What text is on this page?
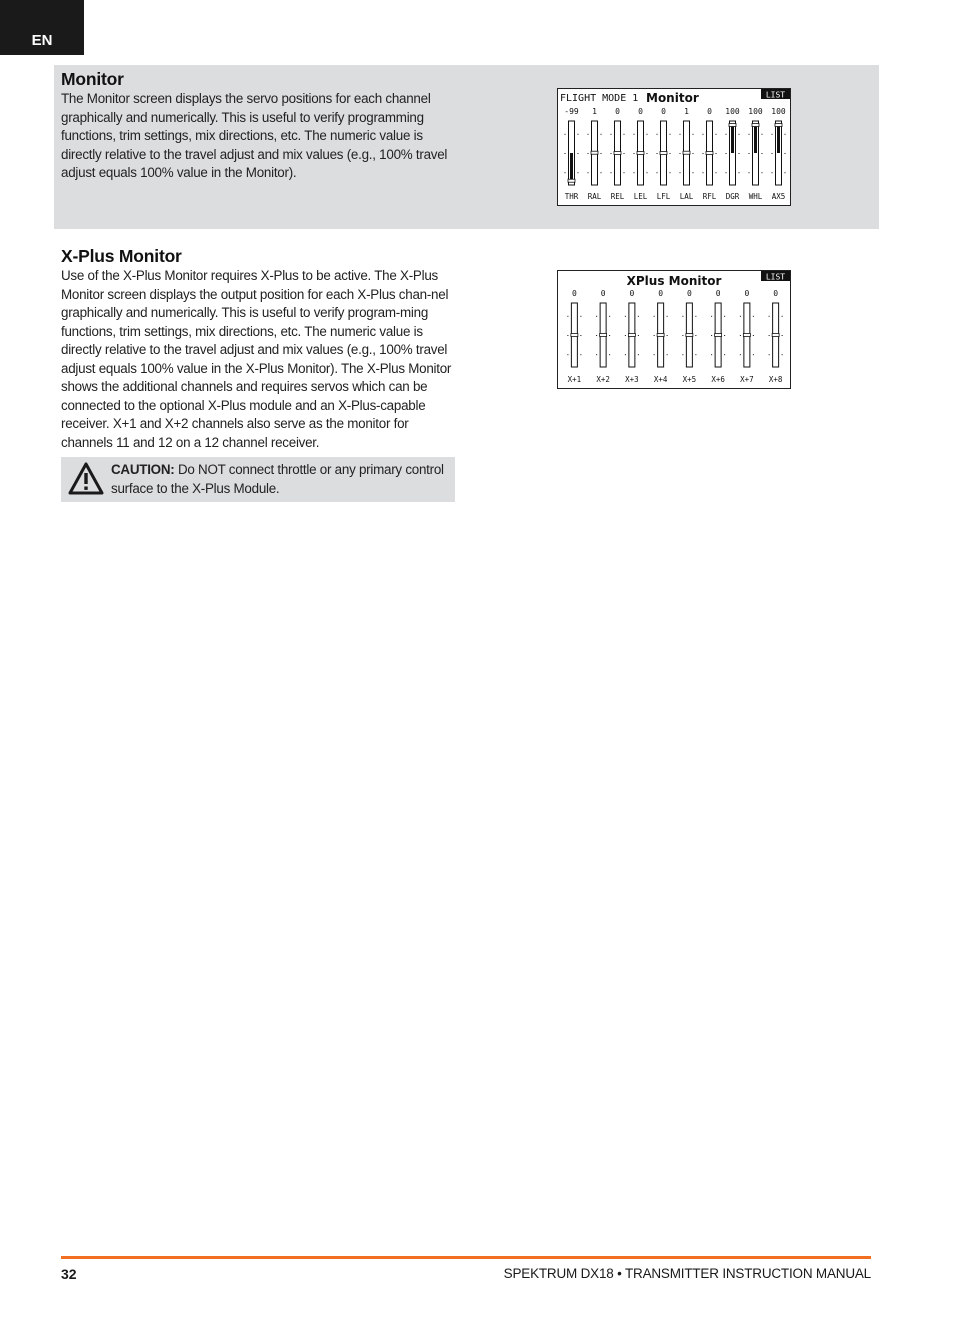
EN
Monitor

The Monitor screen displays the servo positions for each channel graphically and numerically. This is useful to verify programming functions, trim settings, mix directions, etc. The numeric value is directly relative to the travel adjust and mix values (e.g., 100% travel adjust equals 100% value in the Monitor).

FLIGHT MODE 1 Monitor	LIST
-99
THR
1
RAL
0
REL
0
LEL
0
LFL
1
LAL
0
RFL
100
DGR
100
WHL
100
AX5
X-Plus Monitor

Use of the X-Plus Monitor requires X-Plus to be active. The X-Plus Monitor screen displays the output position for each X-Plus chan-nel graphically and numerically. This is useful to verify program-ming functions, trim settings, mix directions, etc. The numeric value is directly relative to the travel adjust and mix values (e.g., 100% travel adjust equals 100% value in the X-Plus Monitor). The X-Plus Monitor shows the additional channels and requires servos which can be connected to the optional X-Plus module and an X-Plus-capable receiver. X+1 and X+2 channels also serve as the monitor for channels 11 and 12 on a 12 channel receiver.

XPlus Monitor	LIST
0
X+1
0
X+2
0
X+3
0
X+4
0
X+5
0
X+6
0
X+7
0
X+8
CAUTION: Do NOT connect throttle or any primary control surface to the X-Plus Module.
32	SPEKTRUM DX18 • TRANSMITTER INSTRUCTION MANUAL
